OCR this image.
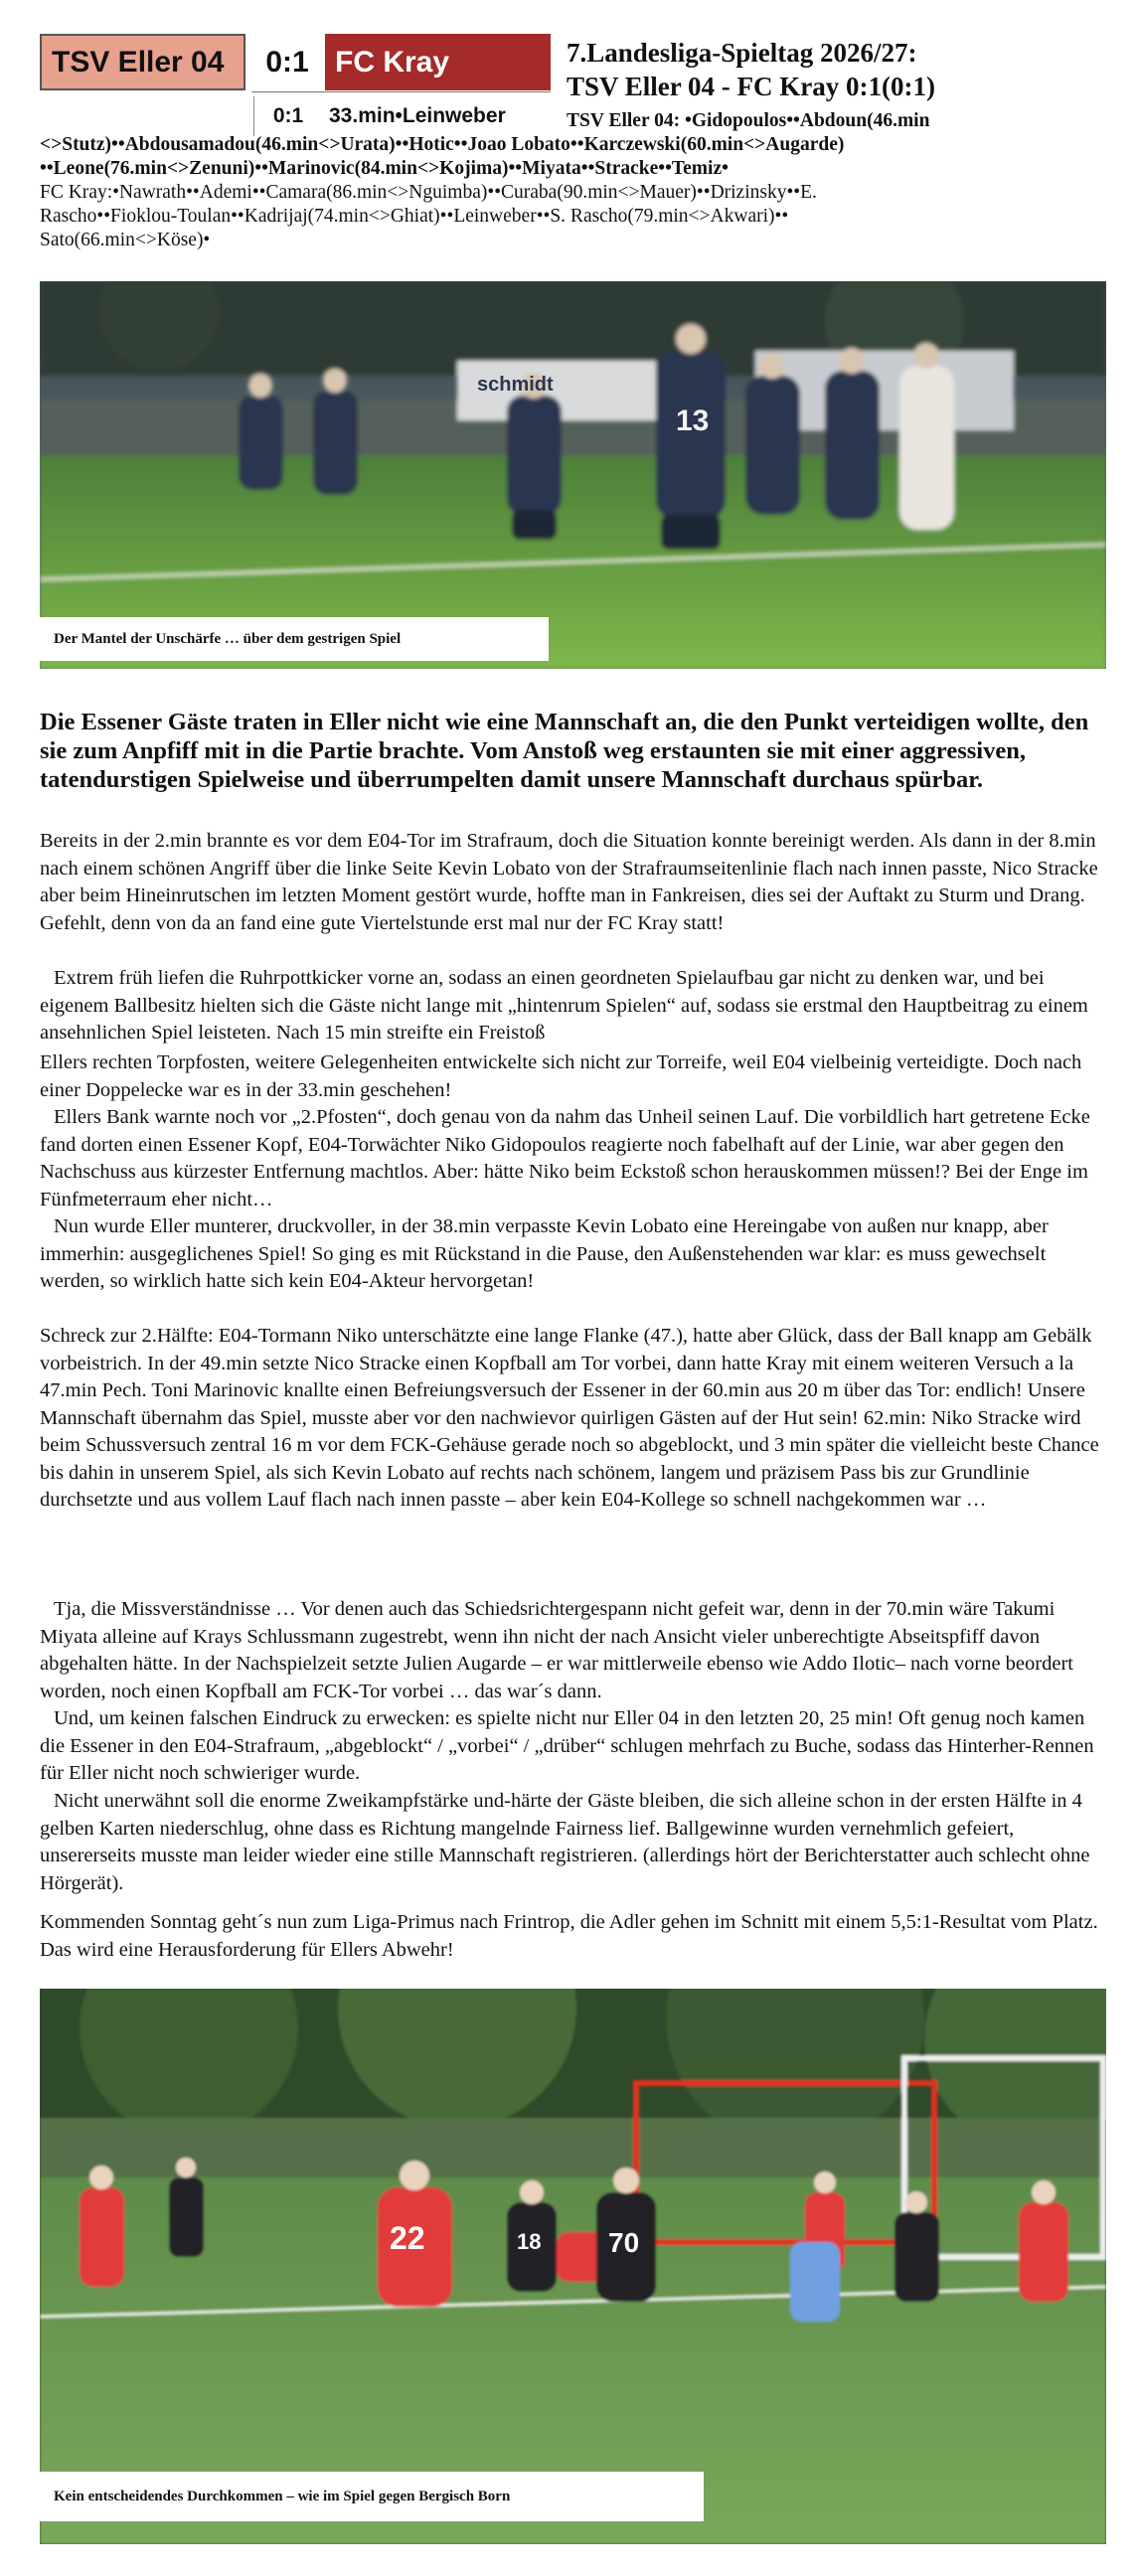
TSV Eller 04	0:1 FC Kray
0:1	33.min•Leinweber
7.Landesliga-Spieltag 2026/27:
TSV Eller 04 - FC Kray 0:1(0:1)
TSV Eller 04: •Gidopoulos••Abdoun(46.min
<>Stutz)••Abdousamadou(46.min<>Urata)••Hotic••Joao Lobato••Karczewski(60.min<>Augarde)
••Leone(76.min<>Zenuni)••Marinovic(84.min<>Kojima)••Miyata••Stracke••Temiz•
FC Kray:•Nawrath••Ademi••Camara(86.min<>Nguimba)••Curaba(90.min<>Mauer)••Drizinsky••E.
Rascho••Fioklou-Toulan••Kadrijaj(74.min<>Ghiat)••Leinweber••S. Rascho(79.min<>Akwari)••
Sato(66.min<>Köse)•
schmidt
13
Der Mantel der Unschärfe … über dem gestrigen Spiel
Die Essener Gäste traten in Eller nicht wie eine Mannschaft an, die den Punkt verteidigen wollte, den sie zum Anpfiff mit in die Partie brachte. Vom Anstoß weg erstaunten sie mit einer aggressiven, tatendurstigen Spielweise und überrumpelten damit unsere Mannschaft durchaus spürbar.
Bereits in der 2.min brannte es vor dem E04-Tor im Strafraum, doch die Situation konnte bereinigt werden. Als dann in der 8.min nach einem schönen Angriff über die linke Seite Kevin Lobato von der Strafraumseitenlinie flach nach innen passte, Nico Stracke aber beim Hineinrutschen im letzten Moment gestört wurde, hoffte man in Fankreisen, dies sei der Auftakt zu Sturm und Drang. Gefehlt, denn von da an fand eine gute Viertelstunde erst mal nur der FC Kray statt!
Extrem früh liefen die Ruhrpottkicker vorne an, sodass an einen geordneten Spielaufbau gar nicht zu denken war, und bei eigenem Ballbesitz hielten sich die Gäste nicht lange mit „hintenrum Spielen“ auf, sodass sie erstmal den Hauptbeitrag zu einem ansehnlichen Spiel leisteten. Nach 15 min streifte ein Freistoß
Ellers rechten Torpfosten, weitere Gelegenheiten entwickelte sich nicht zur Torreife, weil E04 vielbeinig verteidigte. Doch nach einer Doppelecke war es in der 33.min geschehen!
Ellers Bank warnte noch vor „2.Pfosten“, doch genau von da nahm das Unheil seinen Lauf. Die vorbildlich hart getretene Ecke fand dorten einen Essener Kopf, E04-Torwächter Niko Gidopoulos reagierte noch fabelhaft auf der Linie, war aber gegen den Nachschuss aus kürzester Entfernung machtlos. Aber: hätte Niko beim Eckstoß schon herauskommen müssen!? Bei der Enge im Fünfmeterraum eher nicht…
Nun wurde Eller munterer, druckvoller, in der 38.min verpasste Kevin Lobato eine Hereingabe von außen nur knapp, aber immerhin: ausgeglichenes Spiel! So ging es mit Rückstand in die Pause, den Außenstehenden war klar: es muss gewechselt werden, so wirklich hatte sich kein E04-Akteur hervorgetan!
Schreck zur 2.Hälfte: E04-Tormann Niko unterschätzte eine lange Flanke (47.), hatte aber Glück, dass der Ball knapp am Gebälk vorbeistrich. In der 49.min setzte Nico Stracke einen Kopfball am Tor vorbei, dann hatte Kray mit einem weiteren Versuch a la 47.min Pech. Toni Marinovic knallte einen Befreiungsversuch der Essener in der 60.min aus 20 m über das Tor: endlich! Unsere Mannschaft übernahm das Spiel, musste aber vor den nachwievor quirligen Gästen auf der Hut sein! 62.min: Niko Stracke wird beim Schussversuch zentral 16 m vor dem FCK-Gehäuse gerade noch so abgeblockt, und 3 min später die vielleicht beste Chance bis dahin in unserem Spiel, als sich Kevin Lobato auf rechts nach schönem, langem und präzisem Pass bis zur Grundlinie durchsetzte und aus vollem Lauf flach nach innen passte – aber kein E04-Kollege so schnell nachgekommen war …
Tja, die Missverständnisse … Vor denen auch das Schiedsrichtergespann nicht gefeit war, denn in der 70.min wäre Takumi Miyata alleine auf Krays Schlussmann zugestrebt, wenn ihn nicht der nach Ansicht vieler unberechtigte Abseitspfiff davon abgehalten hätte. In der Nachspielzeit setzte Julien Augarde – er war mittlerweile ebenso wie Addo Ilotic– nach vorne beordert worden, noch einen Kopfball am FCK-Tor vorbei … das war´s dann.
Und, um keinen falschen Eindruck zu erwecken: es spielte nicht nur Eller 04 in den letzten 20, 25 min! Oft genug noch kamen die Essener in den E04-Strafraum, „abgeblockt“ / „vorbei“ / „drüber“ schlugen mehrfach zu Buche, sodass das Hinterher-Rennen für Eller nicht noch schwieriger wurde.
Nicht unerwähnt soll die enorme Zweikampfstärke und-härte der Gäste bleiben, die sich alleine schon in der ersten Hälfte in 4 gelben Karten niederschlug, ohne dass es Richtung mangelnde Fairness lief. Ballgewinne wurden vernehmlich gefeiert, unsererseits musste man leider wieder eine stille Mannschaft registrieren. (allerdings hört der Berichterstatter auch schlecht ohne Hörgerät).
Kommenden Sonntag geht´s nun zum Liga-Primus nach Frintrop, die Adler gehen im Schnitt mit einem 5,5:1-Resultat vom Platz. Das wird eine Herausforderung für Ellers Abwehr!
22	18 70
Kein entscheidendes Durchkommen – wie im Spiel gegen Bergisch Born
